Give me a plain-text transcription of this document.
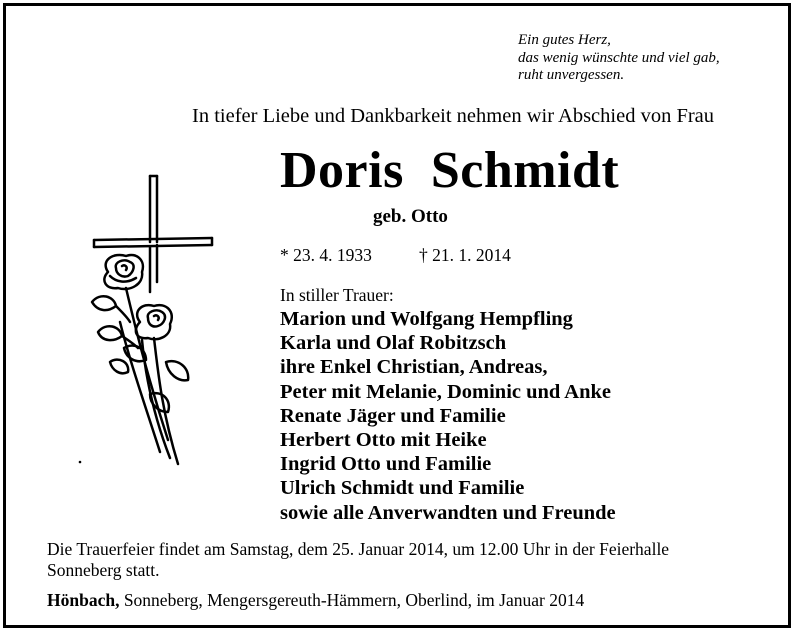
Ein gutes Herz,
das wenig wünschte und viel gab,
ruht unvergessen.
In tiefer Liebe und Dankbarkeit nehmen wir Abschied von Frau
Doris  Schmidt
geb. Otto
* 23. 4. 1933	† 21. 1. 2014
In stiller Trauer:
Marion und Wolfgang Hempfling
Karla und Olaf Robitzsch
ihre Enkel Christian, Andreas,
Peter mit Melanie, Dominic und Anke
Renate Jäger und Familie
Herbert Otto mit Heike
Ingrid Otto und Familie
Ulrich Schmidt und Familie
sowie alle Anverwandten und Freunde
Die Trauerfeier findet am Samstag, dem 25. Januar 2014, um 12.00 Uhr in der Feierhalle
Sonneberg statt.
Hönbach, Sonneberg, Mengersgereuth-Hämmern, Oberlind, im Januar 2014
